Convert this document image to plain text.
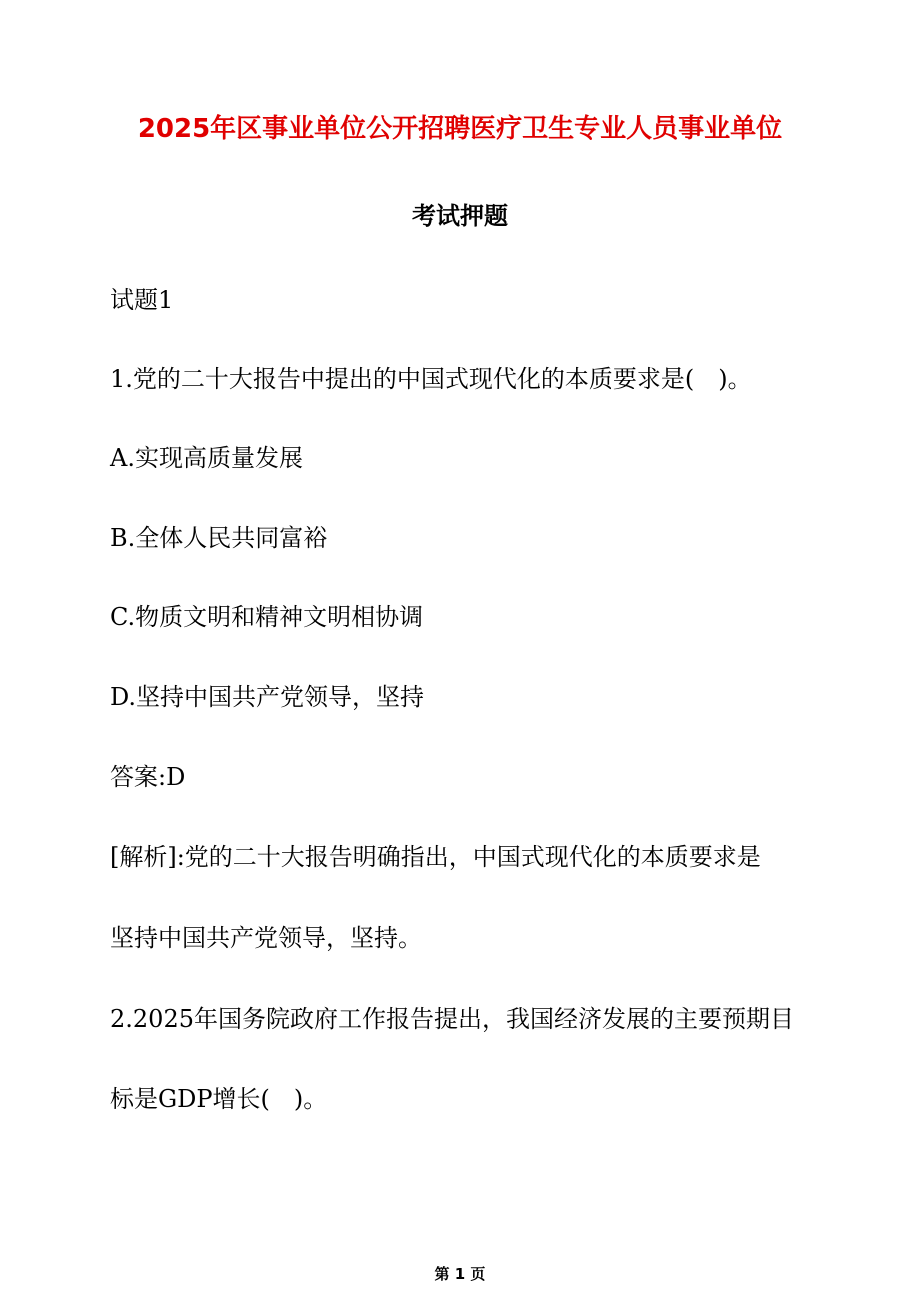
2025年区事业单位公开招聘医疗卫生专业人员事业单位
考试押题
试题1
1.党的二十大报告中提出的中国式现代化的本质要求是(　)。
A.实现高质量发展
B.全体人民共同富裕
C.物质文明和精神文明相协调
D.坚持中国共产党领导，坚持
答案:D
[解析]:党的二十大报告明确指出，中国式现代化的本质要求是
坚持中国共产党领导，坚持。
2.2025年国务院政府工作报告提出，我国经济发展的主要预期目
标是GDP增长(　)。
第 1 页
